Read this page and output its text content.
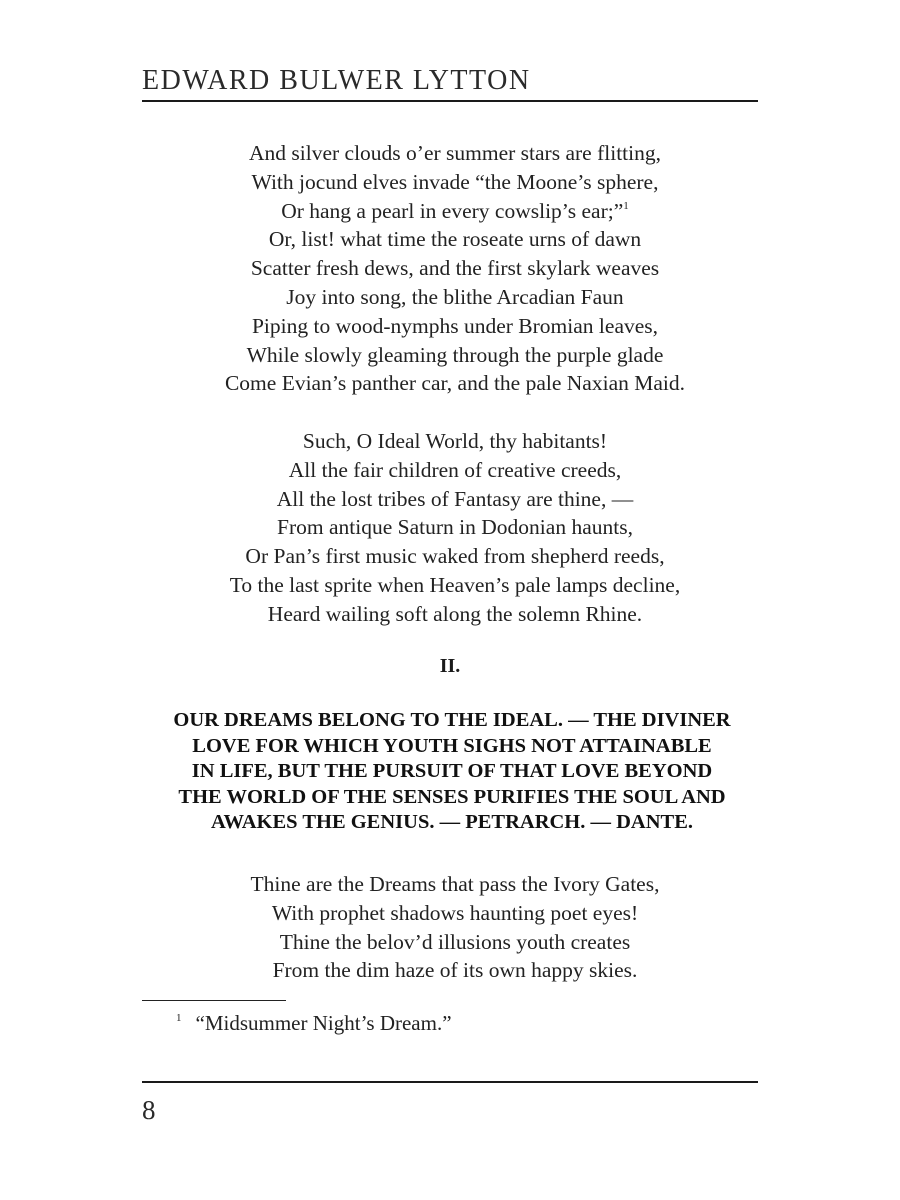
EDWARD BULWER LYTTON
And silver clouds o’er summer stars are flitting,
With jocund elves invade “the Moone’s sphere,
Or hang a pearl in every cowslip’s ear;”$^1$
Or, list! what time the roseate urns of dawn
Scatter fresh dews, and the first skylark weaves
Joy into song, the blithe Arcadian Faun
Piping to wood-nymphs under Bromian leaves,
While slowly gleaming through the purple glade
Come Evian’s panther car, and the pale Naxian Maid.
Such, O Ideal World, thy habitants!
All the fair children of creative creeds,
All the lost tribes of Fantasy are thine, —
From antique Saturn in Dodonian haunts,
Or Pan’s first music waked from shepherd reeds,
To the last sprite when Heaven’s pale lamps decline,
Heard wailing soft along the solemn Rhine.
II.
OUR DREAMS BELONG TO THE IDEAL. — THE DIVINER
LOVE FOR WHICH YOUTH SIGHS NOT ATTAINABLE
IN LIFE, BUT THE PURSUIT OF THAT LOVE BEYOND
THE WORLD OF THE SENSES PURIFIES THE SOUL AND
AWAKES THE GENIUS. — PETRARCH. — DANTE.
Thine are the Dreams that pass the Ivory Gates,
With prophet shadows haunting poet eyes!
Thine the belov’d illusions youth creates
From the dim haze of its own happy skies.
$^1$ “Midsummer Night’s Dream.”
8
